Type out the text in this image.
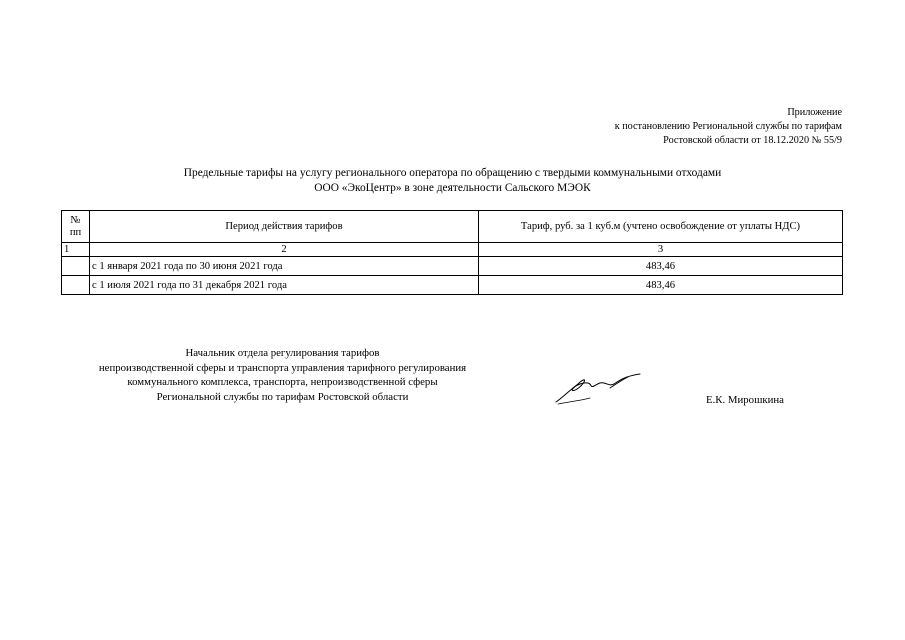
Приложение
к постановлению Региональной службы по тарифам
Ростовской области от 18.12.2020 № 55/9
Предельные тарифы на услугу регионального оператора по обращению с твердыми коммунальными отходами
ООО «ЭкоЦентр» в зоне деятельности Сальского МЭОК
№
пп	Период действия тарифов	Тариф, руб. за 1 куб.м (учтено освобождение от уплаты НДС)
1	2	3
	с 1 января 2021 года по 30 июня 2021 года	483,46
	с 1 июля 2021 года по 31 декабря 2021 года	483,46
Начальник отдела регулирования тарифов
непроизводственной сферы и транспорта управления тарифного регулирования
коммунального комплекса, транспорта, непроизводственной сферы
Региональной службы по тарифам Ростовской области	Е.К. Мирошкина
